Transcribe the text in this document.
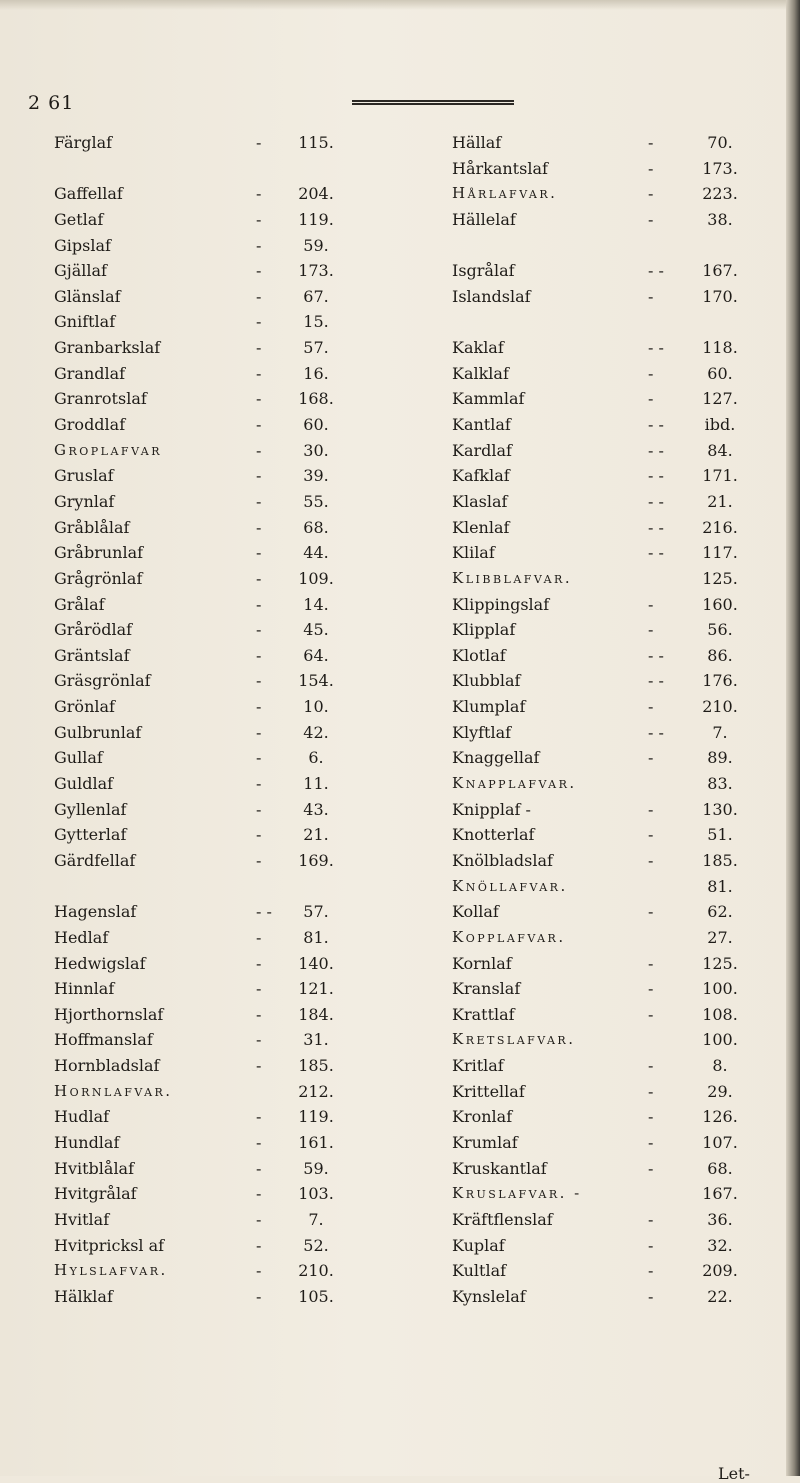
2 61
Färglaf	-	115.
Gaffellaf	-	204.
Getlaf	-	119.
Gipslaf	-	59.
Gjällaf	-	173.
Glänslaf	-	67.
Gniftlaf	-	15.
Granbarkslaf	-	57.
Grandlaf	-	16.
Granrotslaf	-	168.
Groddlaf	-	60.
Groplafvar	-	30.
Gruslaf	-	39.
Grynlaf	-	55.
Gråblålaf	-	68.
Gråbrunlaf	-	44.
Grågrönlaf	-	109.
Grålaf	-	14.
Grårödlaf	-	45.
Gräntslaf	-	64.
Gräsgrönlaf	-	154.
Grönlaf	-	10.
Gulbrunlaf	-	42.
Gullaf	-	6.
Guldlaf	-	11.
Gyllenlaf	-	43.
Gytterlaf	-	21.
Gärdfellaf	-	169.
Hagenslaf	- -	57.
Hedlaf	-	81.
Hedwigslaf	-	140.
Hinnlaf	-	121.
Hjorthornslaf	-	184.
Hoffmanslaf	-	31.
Hornbladslaf	-	185.
Hornlafvar.	212.
Hudlaf	-	119.
Hundlaf	-	161.
Hvitblålaf	-	59.
Hvitgrålaf	-	103.
Hvitlaf	-	7.
Hvitpricksl af	-	52.
Hylslafvar.	-	210.
Hälklaf	-	105.
Hällaf	-	70.
Hårkantslaf	-	173.
Hårlafvar.	-	223.
Hällelaf	-	38.
Isgrålaf	- -	167.
Islandslaf	-	170.
Kaklaf	- -	118.
Kalklaf	-	60.
Kammlaf	-	127.
Kantlaf	- -	ibd.
Kardlaf	- -	84.
Kafklaf	- -	171.
Klaslaf	- -	21.
Klenlaf	- -	216.
Klilaf	- -	117.
Klibblafvar.	125.
Klippingslaf	-	160.
Klipplaf	-	56.
Klotlaf	- -	86.
Klubblaf	- -	176.
Klumplaf	-	210.
Klyftlaf	- -	7.
Knaggellaf	-	89.
Knapplafvar.	83.
Knipplaf -	-	130.
Knotterlaf	-	51.
Knölbladslaf	-	185.
Knöllafvar.	81.
Kollaf	-	62.
Kopplafvar.	27.
Kornlaf	-	125.
Kranslaf	-	100.
Krattlaf	-	108.
Kretslafvar.	100.
Kritlaf	-	8.
Krittellaf	-	29.
Kronlaf	-	126.
Krumlaf	-	107.
Kruskantlaf	-	68.
Kruslafvar. -	167.
Kräftflenslaf	-	36.
Kuplaf	-	32.
Kultlaf	-	209.
Kynslelaf	-	22.
Let-
